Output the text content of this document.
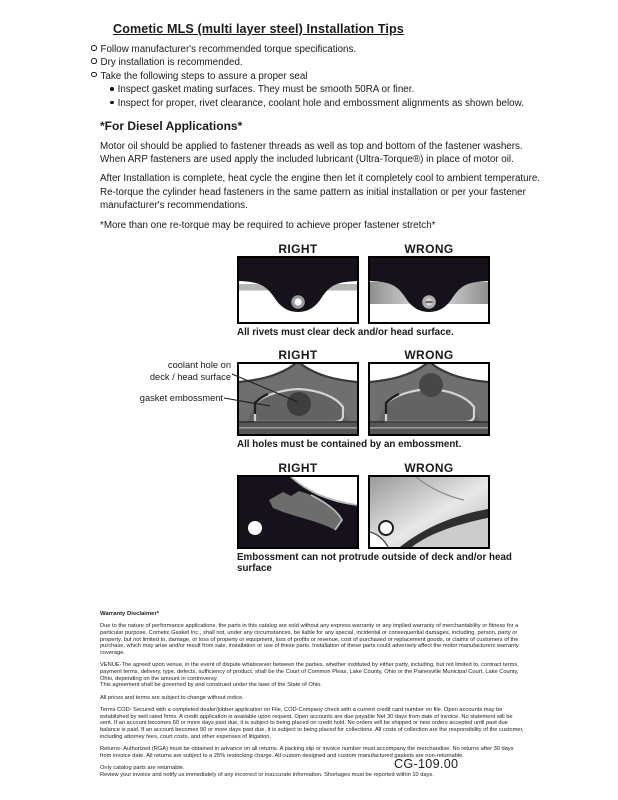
Cometic MLS (multi layer steel) Installation Tips
Follow manufacturer's recommended torque specifications.
Dry installation is recommended.
Take the following steps to assure a proper seal
Inspect gasket mating surfaces. They must be smooth 50RA or finer.
Inspect for proper, rivet clearance, coolant hole and embossment alignments as shown below.
*For Diesel Applications*

Motor oil should be applied to fastener threads as well as top and bottom of the fastener washers. When ARP fasteners are used apply the included lubricant (Ultra-Torque®) in place of motor oil.

After Installation is complete, heat cycle the engine then let it completely cool to ambient temperature. Re-torque the cylinder head fasteners in the same pattern as initial installation or per your fastener manufacturer's recommendations.

*More than one re-torque may be required to achieve proper fastener stretch*

RIGHT	WRONG
All rivets must clear deck and/or head surface.
coolant hole on
deck / head surface
gasket embossment
RIGHT	WRONG
All holes must be contained by an embossment.
RIGHT	WRONG
Embossment can not protrude outside of deck and/or head surface
Warranty Disclaimer*

Due to the nature of performance applications, the parts in this catalog are sold without any express warranty or any implied warranty of merchantability or fitness for a particular purpose. Cometic Gasket Inc., shall not, under any circumstances, be liable for any special, incidental or consequential damages, including, person, party or property, but not limited to, damage, or loss of property or equipment, loss of profits or revenue, cost of purchased or replacement goods, or claims of customers of the purchase, which may arise and/or result from sale, installation or use of these parts. Installation of these parts could adversely affect the motor manufacturers warranty coverage.

VENUE-The agreed upon venue, in the event of dispute whatsoever between the parties, whether instituted by either party, including, but not limited to, contract terms, payment terms, delivery, type, defects, sufficiency of product, shall be the Court of Common Pleas, Lake County, Ohio or the Painesville Municipal Court, Lake County, Ohio, depending on the amount in controversy.

This agreement shall be governed by and construed under the laws of the State of Ohio.

All prices and terms are subject to change without notice.

Terms COD- Secured with a completed dealer/jobber application on File, COD-Company check with a current credit card number on file. Open accounts may be established by well rated firms. A credit application is available upon request. Open accounts are due payable Net 30 days from date of invoice. No statement will be sent. If an account becomes 60 or more days past due, it is subject to being placed on credit hold. No orders will be shipped or new orders accepted until past due balance is paid. If an account becomes 90 or more days past due, it is subject to being placed for collections. All costs of collection are the responsibility of the customer, including attorney fees, court costs, and other expenses of litigation.

Returns- Authorized (RGA) must be obtained in advance on all returns. A packing slip or invoice number must accompany the merchandise. No returns after 30 days from invoice date. All returns are subject to a 25% restocking charge. All custom designed and custom manufactured gaskets are non-returnable.

Only catalog parts are returnable.

Review your invoice and notify us immediately of any incorrect or inaccurate information. Shortages must be reported within 10 days.

CG-109.00
